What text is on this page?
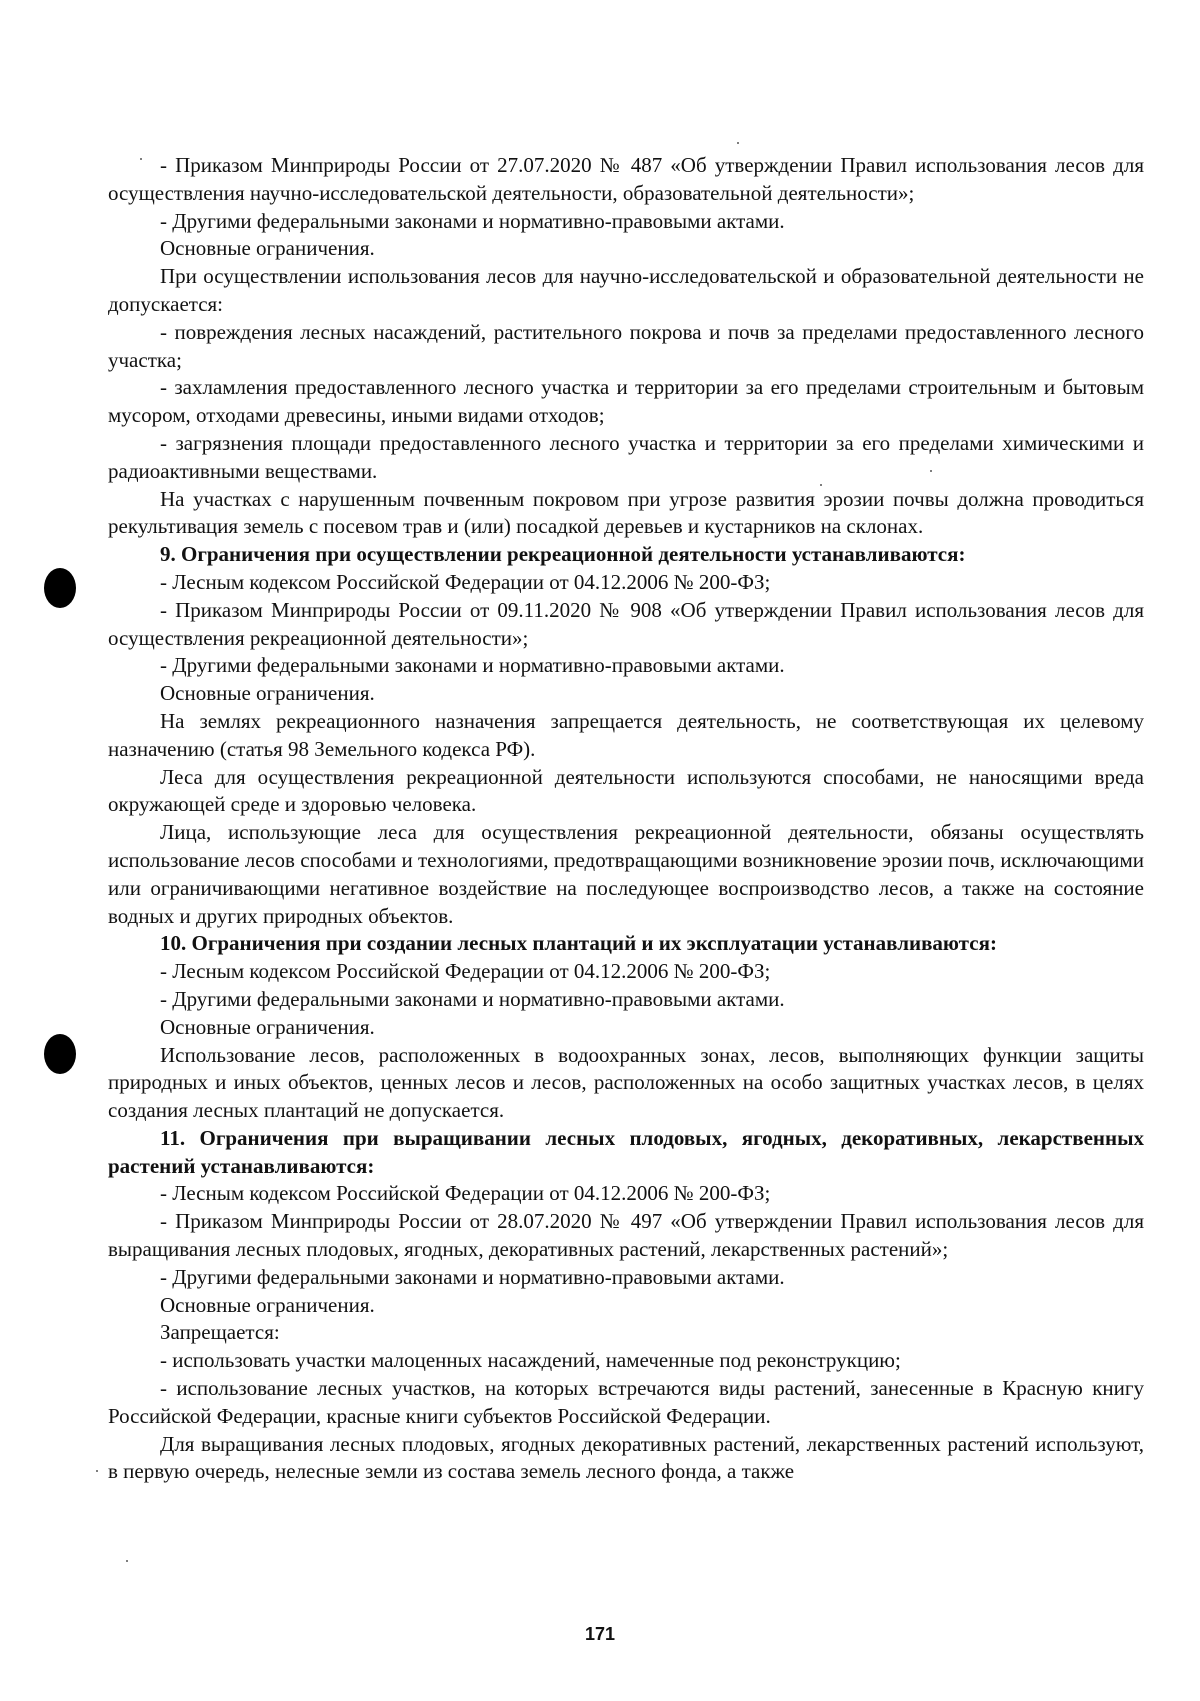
- Приказом Минприроды России от 27.07.2020 № 487 «Об утверждении Правил использования лесов для осуществления научно-исследовательской деятельности, образовательной деятельности»;

- Другими федеральными законами и нормативно-правовыми актами.

Основные ограничения.

При осуществлении использования лесов для научно-исследовательской и образовательной деятельности не допускается:

- повреждения лесных насаждений, растительного покрова и почв за пределами предоставленного лесного участка;

- захламления предоставленного лесного участка и территории за его пределами строительным и бытовым мусором, отходами древесины, иными видами отходов;

- загрязнения площади предоставленного лесного участка и территории за его пределами химическими и радиоактивными веществами.

На участках с нарушенным почвенным покровом при угрозе развития эрозии почвы должна проводиться рекультивация земель с посевом трав и (или) посадкой деревьев и кустарников на склонах.

9. Ограничения при осуществлении рекреационной деятельности устанавливаются:

- Лесным кодексом Российской Федерации от 04.12.2006 № 200-ФЗ;

- Приказом Минприроды России от 09.11.2020 № 908 «Об утверждении Правил использования лесов для осуществления рекреационной деятельности»;

- Другими федеральными законами и нормативно-правовыми актами.

Основные ограничения.

На землях рекреационного назначения запрещается деятельность, не соответствующая их целевому назначению (статья 98 Земельного кодекса РФ).

Леса для осуществления рекреационной деятельности используются способами, не наносящими вреда окружающей среде и здоровью человека.

Лица, использующие леса для осуществления рекреационной деятельности, обязаны осуществлять использование лесов способами и технологиями, предотвращающими возникновение эрозии почв, исключающими или ограничивающими негативное воздействие на последующее воспроизводство лесов, а также на состояние водных и других природных объектов.

10. Ограничения при создании лесных плантаций и их эксплуатации устанавливаются:

- Лесным кодексом Российской Федерации от 04.12.2006 № 200-ФЗ;

- Другими федеральными законами и нормативно-правовыми актами.

Основные ограничения.

Использование лесов, расположенных в водоохранных зонах, лесов, выполняющих функции защиты природных и иных объектов, ценных лесов и лесов, расположенных на особо защитных участках лесов, в целях создания лесных плантаций не допускается.

11. Ограничения при выращивании лесных плодовых, ягодных, декоративных, лекарственных растений устанавливаются:

- Лесным кодексом Российской Федерации от 04.12.2006 № 200-ФЗ;

- Приказом Минприроды России от 28.07.2020 № 497 «Об утверждении Правил использования лесов для выращивания лесных плодовых, ягодных, декоративных растений, лекарственных растений»;

- Другими федеральными законами и нормативно-правовыми актами.

Основные ограничения.

Запрещается:

- использовать участки малоценных насаждений, намеченные под реконструкцию;

- использование лесных участков, на которых встречаются виды растений, занесенные в Красную книгу Российской Федерации, красные книги субъектов Российской Федерации.

Для выращивания лесных плодовых, ягодных декоративных растений, лекарственных растений используют, в первую очередь, нелесные земли из состава земель лесного фонда, а также

171
